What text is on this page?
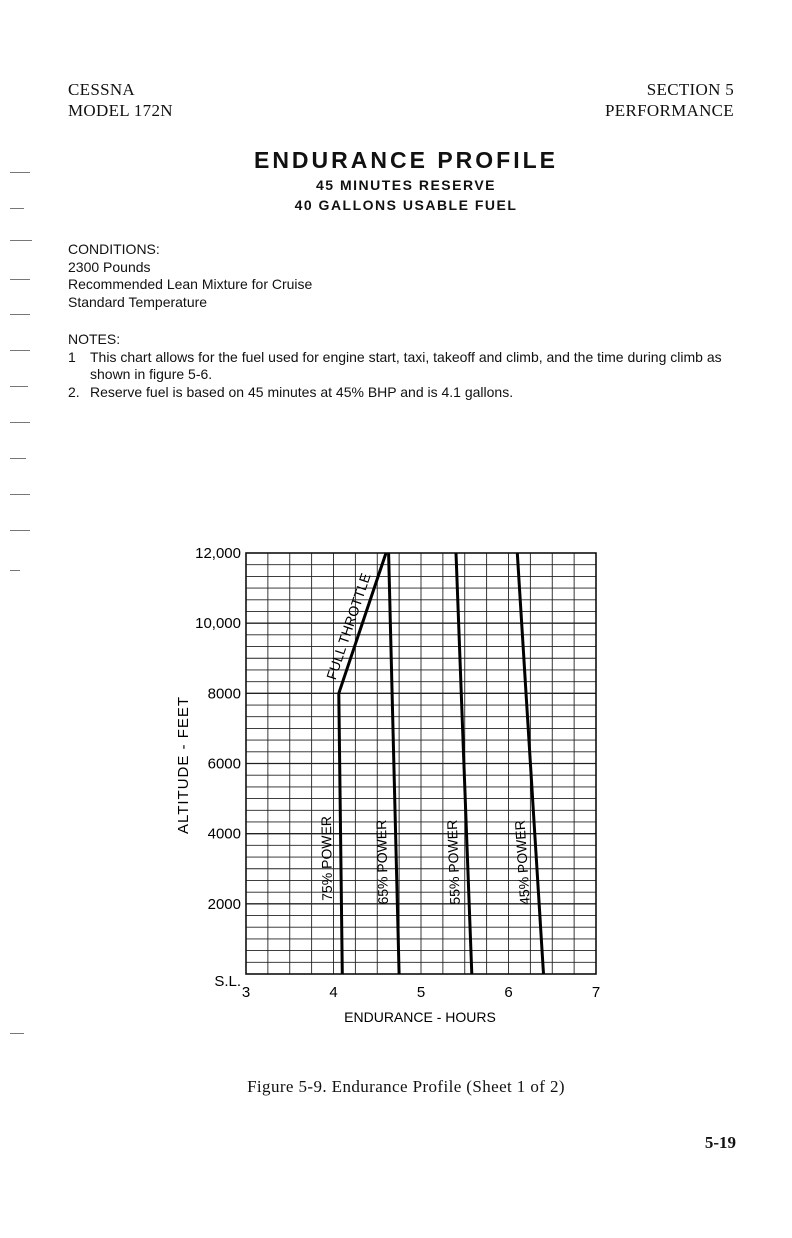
CESSNA
MODEL 172N
SECTION 5
PERFORMANCE
ENDURANCE PROFILE
45 MINUTES RESERVE
40 GALLONS USABLE FUEL
CONDITIONS:
2300 Pounds
Recommended Lean Mixture for Cruise
Standard Temperature
NOTES:
1	This chart allows for the fuel used for engine start, taxi, takeoff and climb, and the time during climb as shown in figure 5-6.
2. Reserve fuel is based on 45 minutes at 45% BHP and is 4.1 gallons.
FULL THROTTLE
75% POWER	65% POWER	55% POWER	45% POWER
3	4	5	6	7
S.L.
2000
4000
6000
8000
10,000
12,000
ENDURANCE - HOURS
ALTITUDE - FEET
Figure 5-9. Endurance Profile (Sheet 1 of 2)
5-19
